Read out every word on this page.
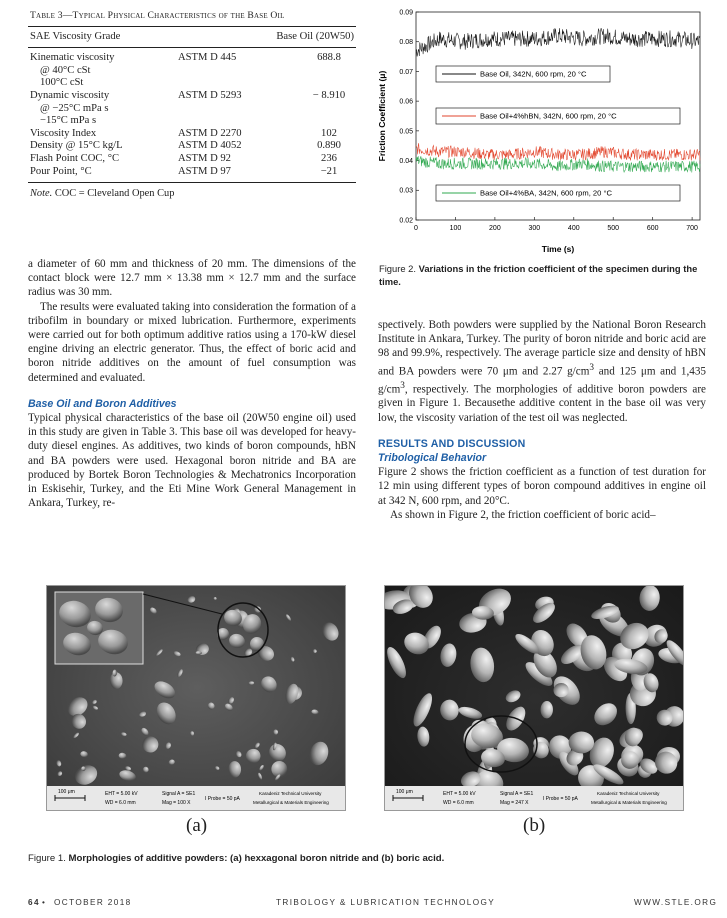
Table 3—Typical Physical Characteristics of the Base Oil
SAE Viscosity Grade	Base Oil (20W50)
Kinematic viscosity	ASTM D 445	688.8
@ 40°C cSt
100°C cSt
Dynamic viscosity	ASTM D 5293	− 8.910
@ −25°C mPa s
−15°C mPa s
Viscosity Index	ASTM D 2270	102
Density @ 15°C kg/L	ASTM D 4052	0.890
Flash Point COC, °C	ASTM D 92	236
Pour Point, °C	ASTM D 97	−21
Note. COC = Cleveland Open Cup
0	100	200	300	400	500	600	700
0.02
0.03
0.04
0.05
0.06
0.07
0.08
0.09
Base Oil, 342N, 600 rpm, 20 °C
Base Oil+4%hBN, 342N, 600 rpm, 20 °C
Base Oil+4%BA, 342N, 600 rpm, 20 °C
Time (s)
Friction Coefficient (μ)
Figure 2. Variations in the friction coefficient of the specimen during the time.

a diameter of 60 mm and thickness of 20 mm. The dimensions of the contact block were 12.7 mm × 13.38 mm × 12.7 mm and the surface radius was 30 mm.

The results were evaluated taking into consideration the formation of a tribofilm in boundary or mixed lubrication. Furthermore, experiments were carried out for both optimum additive ratios using a 170-kW diesel engine driving an electric generator. Thus, the effect of boric acid and boron nitride additives on the amount of fuel consumption was determined and evaluated.

Base Oil and Boron Additives

Typical physical characteristics of the base oil (20W50 engine oil) used in this study are given in Table 3. This base oil was developed for heavy-duty diesel engines. As additives, two kinds of boron compounds, hBN and BA powders were used. Hexagonal boron nitride and BA are produced by Bortek Boron Technologies & Mechatronics Incorporation in Eskisehir, Turkey, and the Eti Mine Work General Management in Ankara, Turkey, re-

spectively. Both powders were supplied by the National Boron Research Institute in Ankara, Turkey. The purity of boron nitride and boric acid are 98 and 99.9%, respectively. The average particle size and density of hBN and BA powders were 70 μm and 2.27 $g/cm^3$ and 125 μm and 1,435 $g/cm^3$, respectively. The morphologies of additive boron powders are given in Figure 1. Becausethe additive content in the base oil was very low, the viscosity variation of the test oil was neglected.

RESULTS AND DISCUSSION
Tribological Behavior

Figure 2 shows the friction coefficient as a function of test duration for 12 min using different types of boron compound additives in engine oil at 342 N, 600 rpm, and 20°C.

As shown in Figure 2, the friction coefficient of boric acid–

100 μm	EHT = 5.00 kV
WD = 6.0 mm
Signal A = SE1
Mag = 100 X
I Probe = 50 pA
Karadeniz Technical University
Metallurgical & Materials Engineering
(a)
100 μm	EHT = 5.00 kV
WD = 6.0 mm
Signal A = SE1
Mag = 247 X
I Probe = 50 pA
Karadeniz Technical University
Metallurgical & Materials Engineering
(b)
Figure 1. Morphologies of additive powders: (a) hexxagonal boron nitride and (b) boric acid.
64 • OCTOBER 2018	TRIBOLOGY & LUBRICATION TECHNOLOGY	WWW.STLE.ORG
